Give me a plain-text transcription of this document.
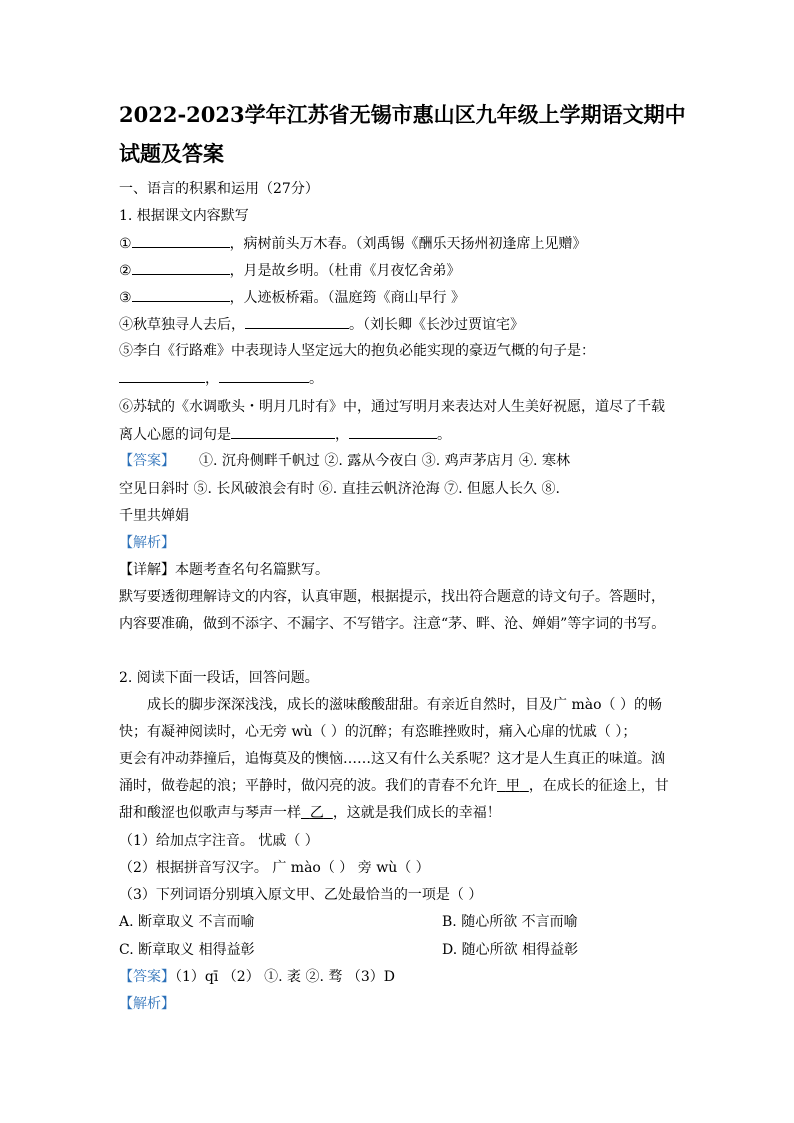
2022-2023学年江苏省无锡市惠山区九年级上学期语文期中
试题及答案
一、语言的积累和运用（27分）
1. 根据课文内容默写
①	，病树前头万木春。（刘禹锡《酬乐天扬州初逢席上见赠》
②	，月是故乡明。（杜甫《月夜忆舍弟》
③	，人迹板桥霜。（温庭筠《商山早行 》
④秋草独寻人去后，	。（刘长卿《长沙过贾谊宅》
⑤李白《行路难》中表现诗人坚定远大的抱负必能实现的豪迈气概的句子是：
，	。
⑥苏轼的《水调歌头・明月几时有》中，通过写明月来表达对人生美好祝愿，道尽了千载
离人心愿的词句是	，	。
【答案】 ①. 沉舟侧畔千帆过 ②. 露从今夜白 ③. 鸡声茅店月 ④. 寒林
空见日斜时 ⑤. 长风破浪会有时 ⑥. 直挂云帆济沧海 ⑦. 但愿人长久 ⑧.
千里共婵娟
【解析】
【详解】本题考查名句名篇默写。
默写要透彻理解诗文的内容，认真审题，根据提示，找出符合题意的诗文句子。答题时，
内容要准确，做到不添字、不漏字、不写错字。注意“茅、畔、沧、婵娟”等字词的书写。
2. 阅读下面一段话，回答问题。
成长的脚步深深浅浅，成长的滋味酸酸甜甜。有亲近自然时，目及广 mào（ ）的畅
快；有凝神阅读时，心无旁 wù（ ）的沉醉；有恣睢挫败时，痛入心扉的忧戚（ ）；
更会有冲动莽撞后，追悔莫及的懊恼……这又有什么关系呢？这才是人生真正的味道。汹
涌时，做卷起的浪；平静时，做闪亮的波。我们的青春不允许 甲 ，在成长的征途上，甘
甜和酸涩也似歌声与琴声一样 乙 ，这就是我们成长的幸福！
（1）给加点字注音。 忧戚（ ）
（2）根据拼音写汉字。 广 mào（ ） 旁 wù（ ）
（3）下列词语分别填入原文甲、乙处最恰当的一项是（ ）
A. 断章取义 不言而喻	B. 随心所欲 不言而喻
C. 断章取义 相得益彰	D. 随心所欲 相得益彰
【答案】（1）qī （2） ①. 袤 ②. 骛 （3）D
【解析】
